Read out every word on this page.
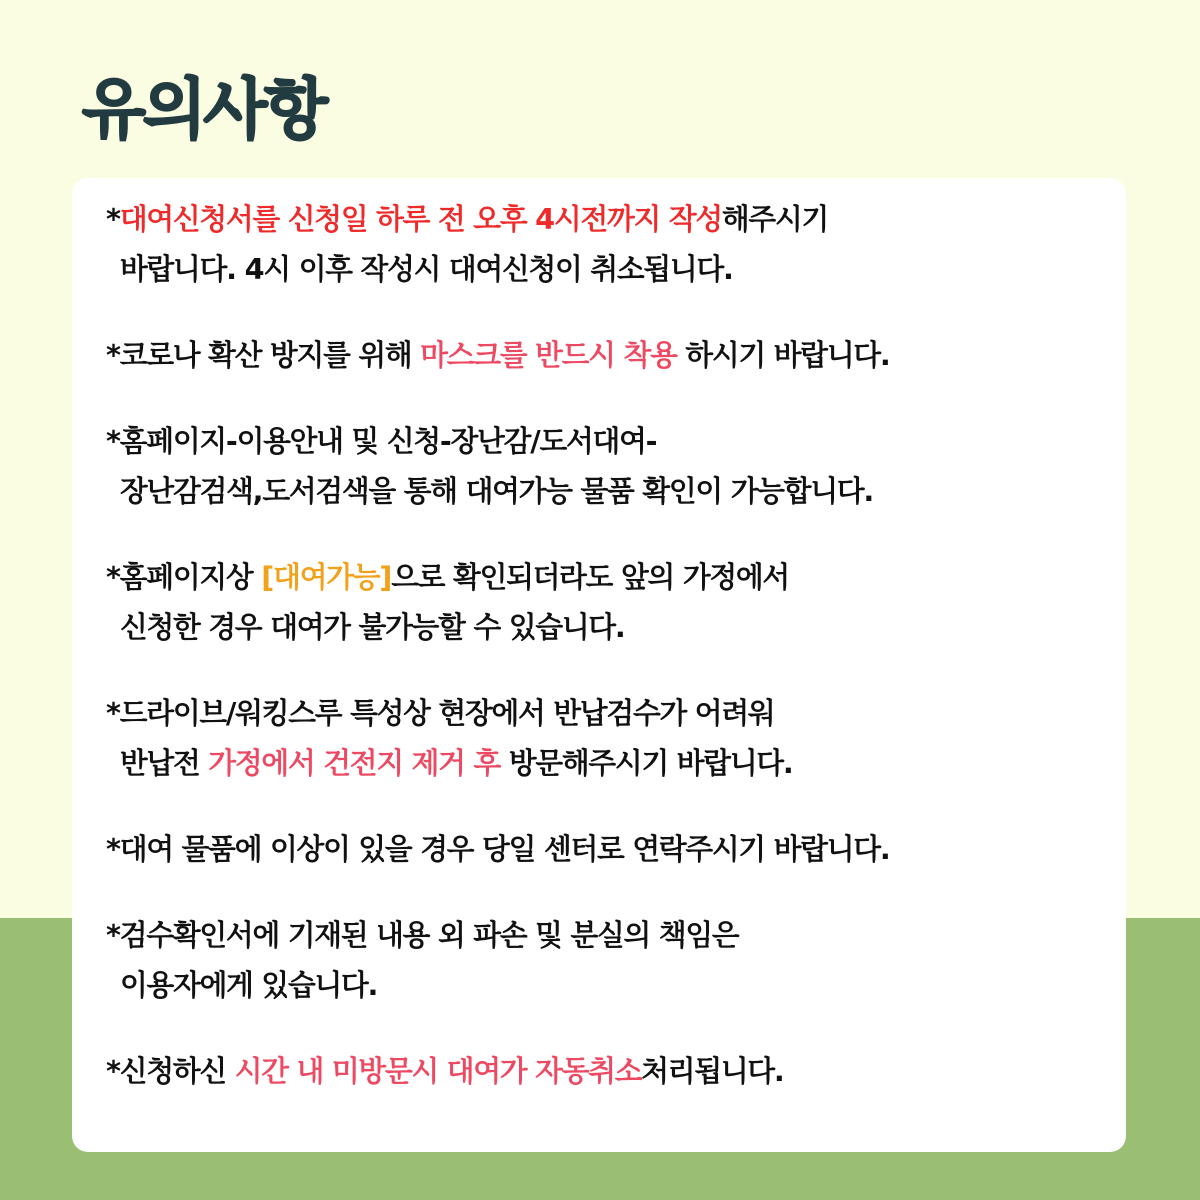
유의사항
*대여신청서를 신청일 하루 전 오후 4시전까지 작성해주시기
바랍니다. 4시 이후 작성시 대여신청이 취소됩니다.
*코로나 확산 방지를 위해 마스크를 반드시 착용 하시기 바랍니다.
*홈페이지-이용안내 및 신청-장난감/도서대여-
장난감검색,도서검색을 통해 대여가능 물품 확인이 가능합니다.
*홈페이지상 [대여가능]으로 확인되더라도 앞의 가정에서
신청한 경우 대여가 불가능할 수 있습니다.
*드라이브/워킹스루 특성상 현장에서 반납검수가 어려워
반납전 가정에서 건전지 제거 후 방문해주시기 바랍니다.
*대여 물품에 이상이 있을 경우 당일 센터로 연락주시기 바랍니다.
*검수확인서에 기재된 내용 외 파손 및 분실의 책임은
이용자에게 있습니다.
*신청하신 시간 내 미방문시 대여가 자동취소처리됩니다.
